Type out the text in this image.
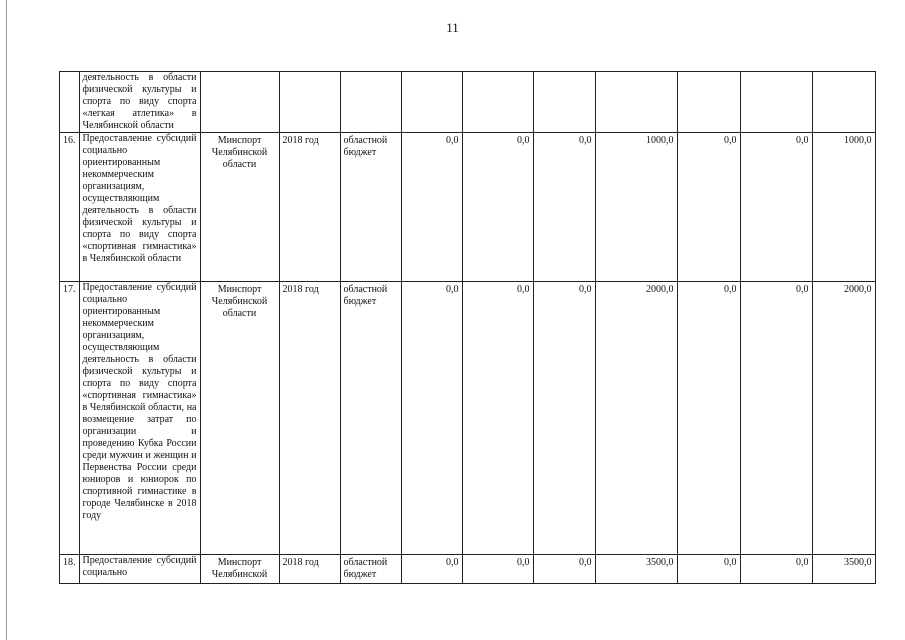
11
	деятельность в области физической культуры и спорта по виду спорта «легкая атлетика» в Челябинской области										
16.	Предоставление субсидий социально ориентированным некоммерческим организациям, осуществляющим деятельность в области физической культуры и спорта по виду спорта «спортивная гимнастика» в Челябинской области	Минспорт Челябинской области	2018 год	областной бюджет	0,0	0,0	0,0	1000,0	0,0	0,0	1000,0
17.	Предоставление субсидий социально ориентированным некоммерческим организациям, осуществляющим деятельность в области физической культуры и спорта по виду спорта «спортивная гимнастика» в Челябинской области, на возмещение затрат по организации и проведению Кубка России среди мужчин и женщин и Первенства России среди юниоров и юниорок по спортивной гимнастике в городе Челябинске в 2018 году	Минспорт Челябинской области	2018 год	областной бюджет	0,0	0,0	0,0	2000,0	0,0	0,0	2000,0
18.	Предоставление субсидий социально	Минспорт Челябинской	2018 год	областной бюджет	0,0	0,0	0,0	3500,0	0,0	0,0	3500,0
